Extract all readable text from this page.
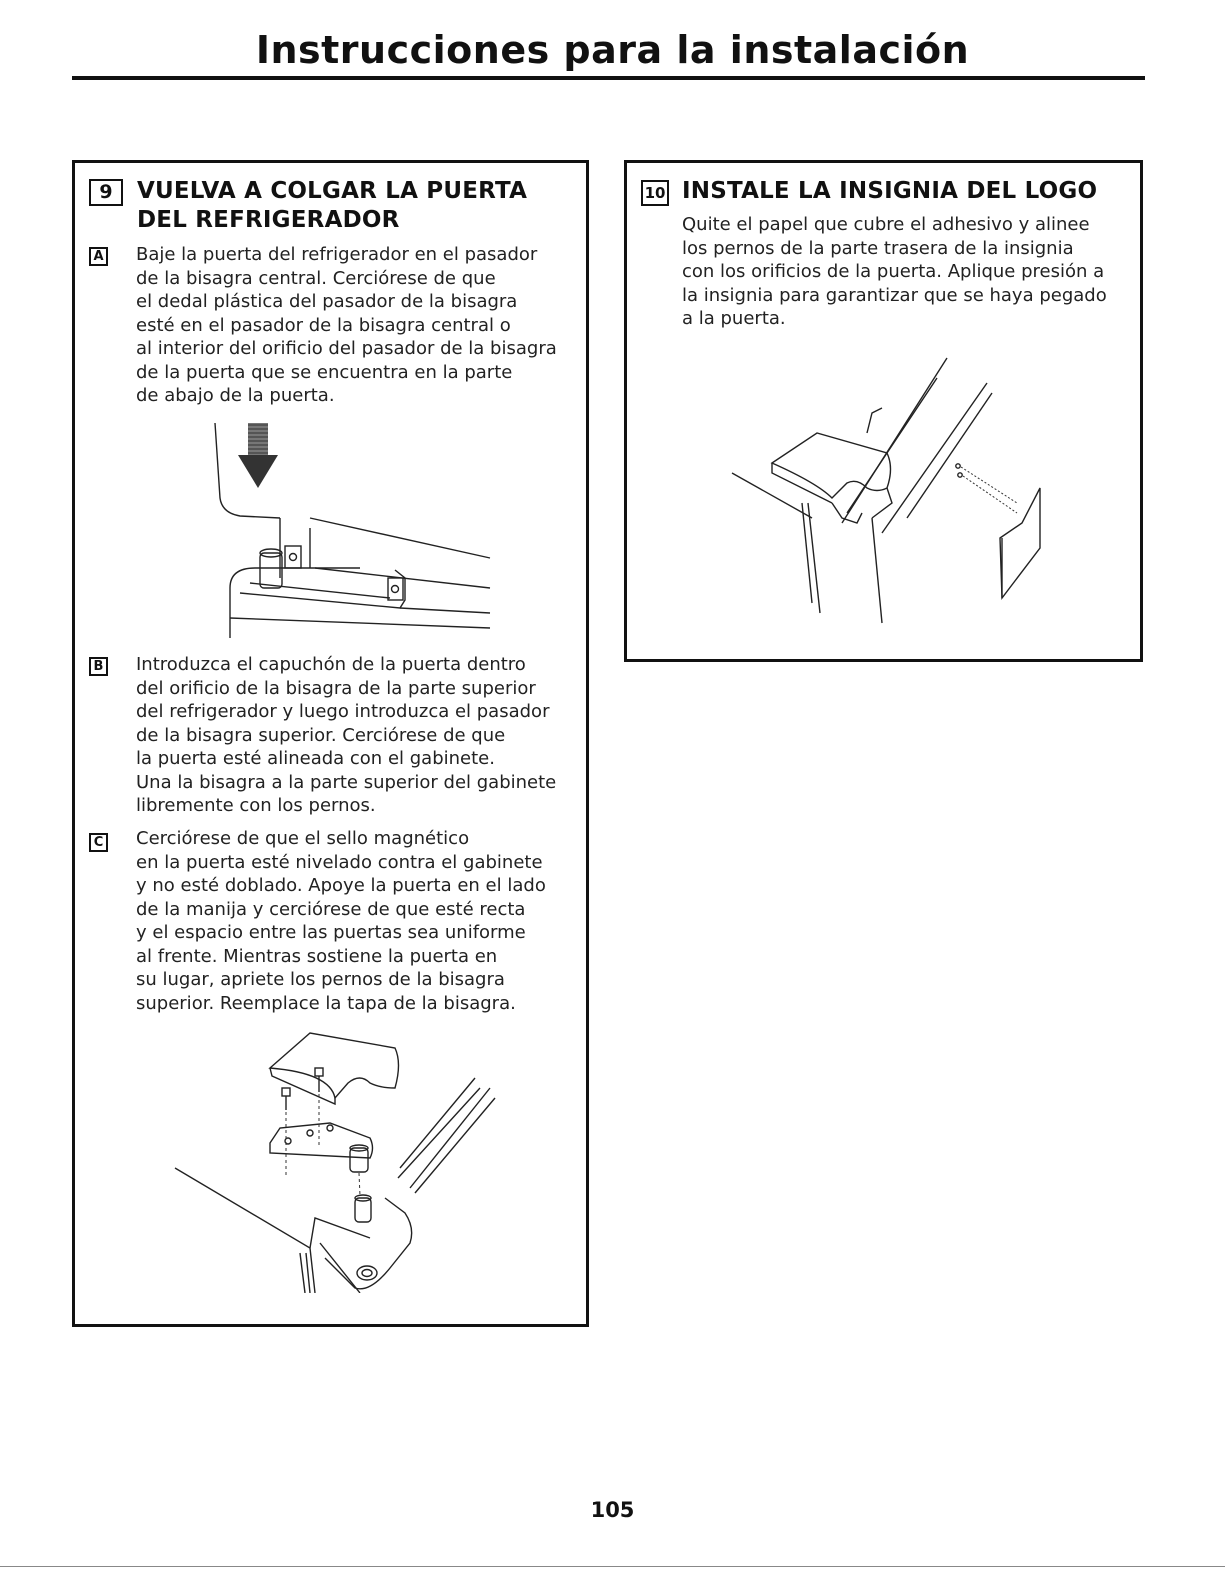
Instrucciones para la instalación
9	VUELVA A COLGAR LA PUERTA
DEL REFRIGERADOR
A Baje la puerta del refrigerador en el pasador

de la bisagra central. Cerciórese de que

el dedal plástica del pasador de la bisagra

esté en el pasador de la bisagra central o

al interior del orificio del pasador de la bisagra

de la puerta que se encuentra en la parte

de abajo de la puerta.

B Introduzca el capuchón de la puerta dentro

del orificio de la bisagra de la parte superior

del refrigerador y luego introduzca el pasador

de la bisagra superior. Cerciórese de que

la puerta esté alineada con el gabinete.

Una la bisagra a la parte superior del gabinete

libremente con los pernos.

C Cerciórese de que el sello magnético

en la puerta esté nivelado contra el gabinete

y no esté doblado. Apoye la puerta en el lado

de la manija y cerciórese de que esté recta

y el espacio entre las puertas sea uniforme

al frente. Mientras sostiene la puerta en

su lugar, apriete los pernos de la bisagra

superior. Reemplace la tapa de la bisagra.

10 INSTALE LA INSIGNIA DEL LOGO

Quite el papel que cubre el adhesivo y alinee

los pernos de la parte trasera de la insignia

con los orificios de la puerta. Aplique presión a

la insignia para garantizar que se haya pegado

a la puerta.

105
